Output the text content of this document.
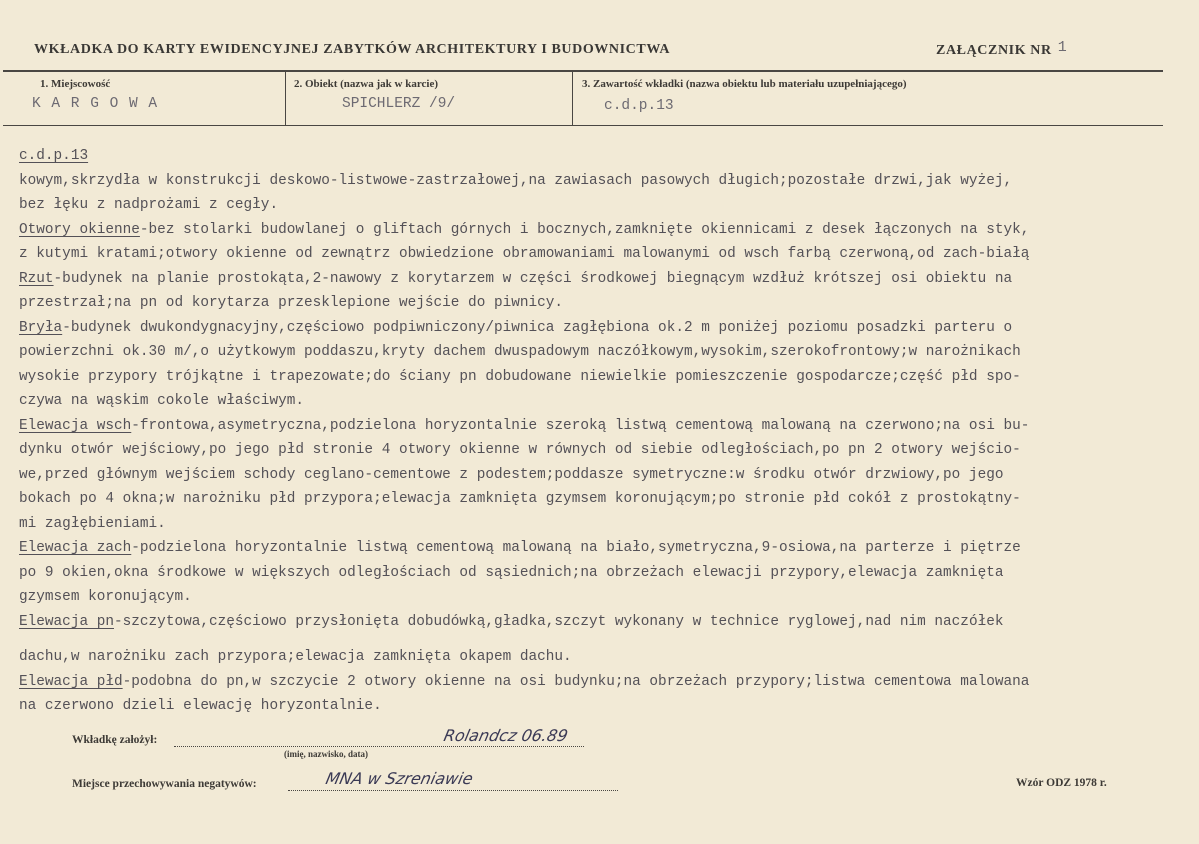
WKŁADKA DO KARTY EWIDENCYJNEJ ZABYTKÓW ARCHITEKTURY I BUDOWNICTWA	ZAŁĄCZNIK NR 1
1. Miejscowość
K A R G O W A
2. Obiekt (nazwa jak w karcie)
SPICHLERZ /9/
3. Zawartość wkładki (nazwa obiektu lub materiału uzupełniającego)
c.d.p.13
c.d.p.13
kowym,skrzydła w konstrukcji deskowo-listwowe-zastrzałowej,na zawiasach pasowych długich;pozostałe drzwi,jak wyżej,
bez łęku z nadprożami z cegły.
Otwory okienne-bez stolarki budowlanej o gliftach górnych i bocznych,zamknięte okiennicami z desek łączonych na styk,
z kutymi kratami;otwory okienne od zewnątrz obwiedzione obramowaniami malowanymi od wsch farbą czerwoną,od zach-białą
Rzut-budynek na planie prostokąta,2-nawowy z korytarzem w części środkowej biegnącym wzdłuż krótszej osi obiektu na
przestrzał;na pn od korytarza przesklepione wejście do piwnicy.
Bryła-budynek dwukondygnacyjny,częściowo podpiwniczony/piwnica zagłębiona ok.2 m poniżej poziomu posadzki parteru o
powierzchni ok.30 m/,o użytkowym poddaszu,kryty dachem dwuspadowym naczółkowym,wysokim,szerokofrontowy;w narożnikach
wysokie przypory trójkątne i trapezowate;do ściany pn dobudowane niewielkie pomieszczenie gospodarcze;część płd spo-
czywa na wąskim cokole właściwym.
Elewacja wsch-frontowa,asymetryczna,podzielona horyzontalnie szeroką listwą cementową malowaną na czerwono;na osi bu-
dynku otwór wejściowy,po jego płd stronie 4 otwory okienne w równych od siebie odległościach,po pn 2 otwory wejścio-
we,przed głównym wejściem schody ceglano-cementowe z podestem;poddasze symetryczne:w środku otwór drzwiowy,po jego
bokach po 4 okna;w narożniku płd przypora;elewacja zamknięta gzymsem koronującym;po stronie płd cokół z prostokątny-
mi zagłębieniami.
Elewacja zach-podzielona horyzontalnie listwą cementową malowaną na biało,symetryczna,9-osiowa,na parterze i piętrze
po 9 okien,okna środkowe w większych odległościach od sąsiednich;na obrzeżach elewacji przypory,elewacja zamknięta
gzymsem koronującym.
Elewacja pn-szczytowa,częściowo przysłonięta dobudówką,gładka,szczyt wykonany w technice ryglowej,nad nim naczółek
dachu,w narożniku zach przypora;elewacja zamknięta okapem dachu.
Elewacja płd-podobna do pn,w szczycie 2 otwory okienne na osi budynku;na obrzeżach przypory;listwa cementowa malowana
na czerwono dzieli elewację horyzontalnie.
Wkładkę założył:
(imię, nazwisko, data)
Rolandcz 06.89
Miejsce przechowywania negatywów:	MNA w Szreniawie	Wzór ODZ 1978 r.
